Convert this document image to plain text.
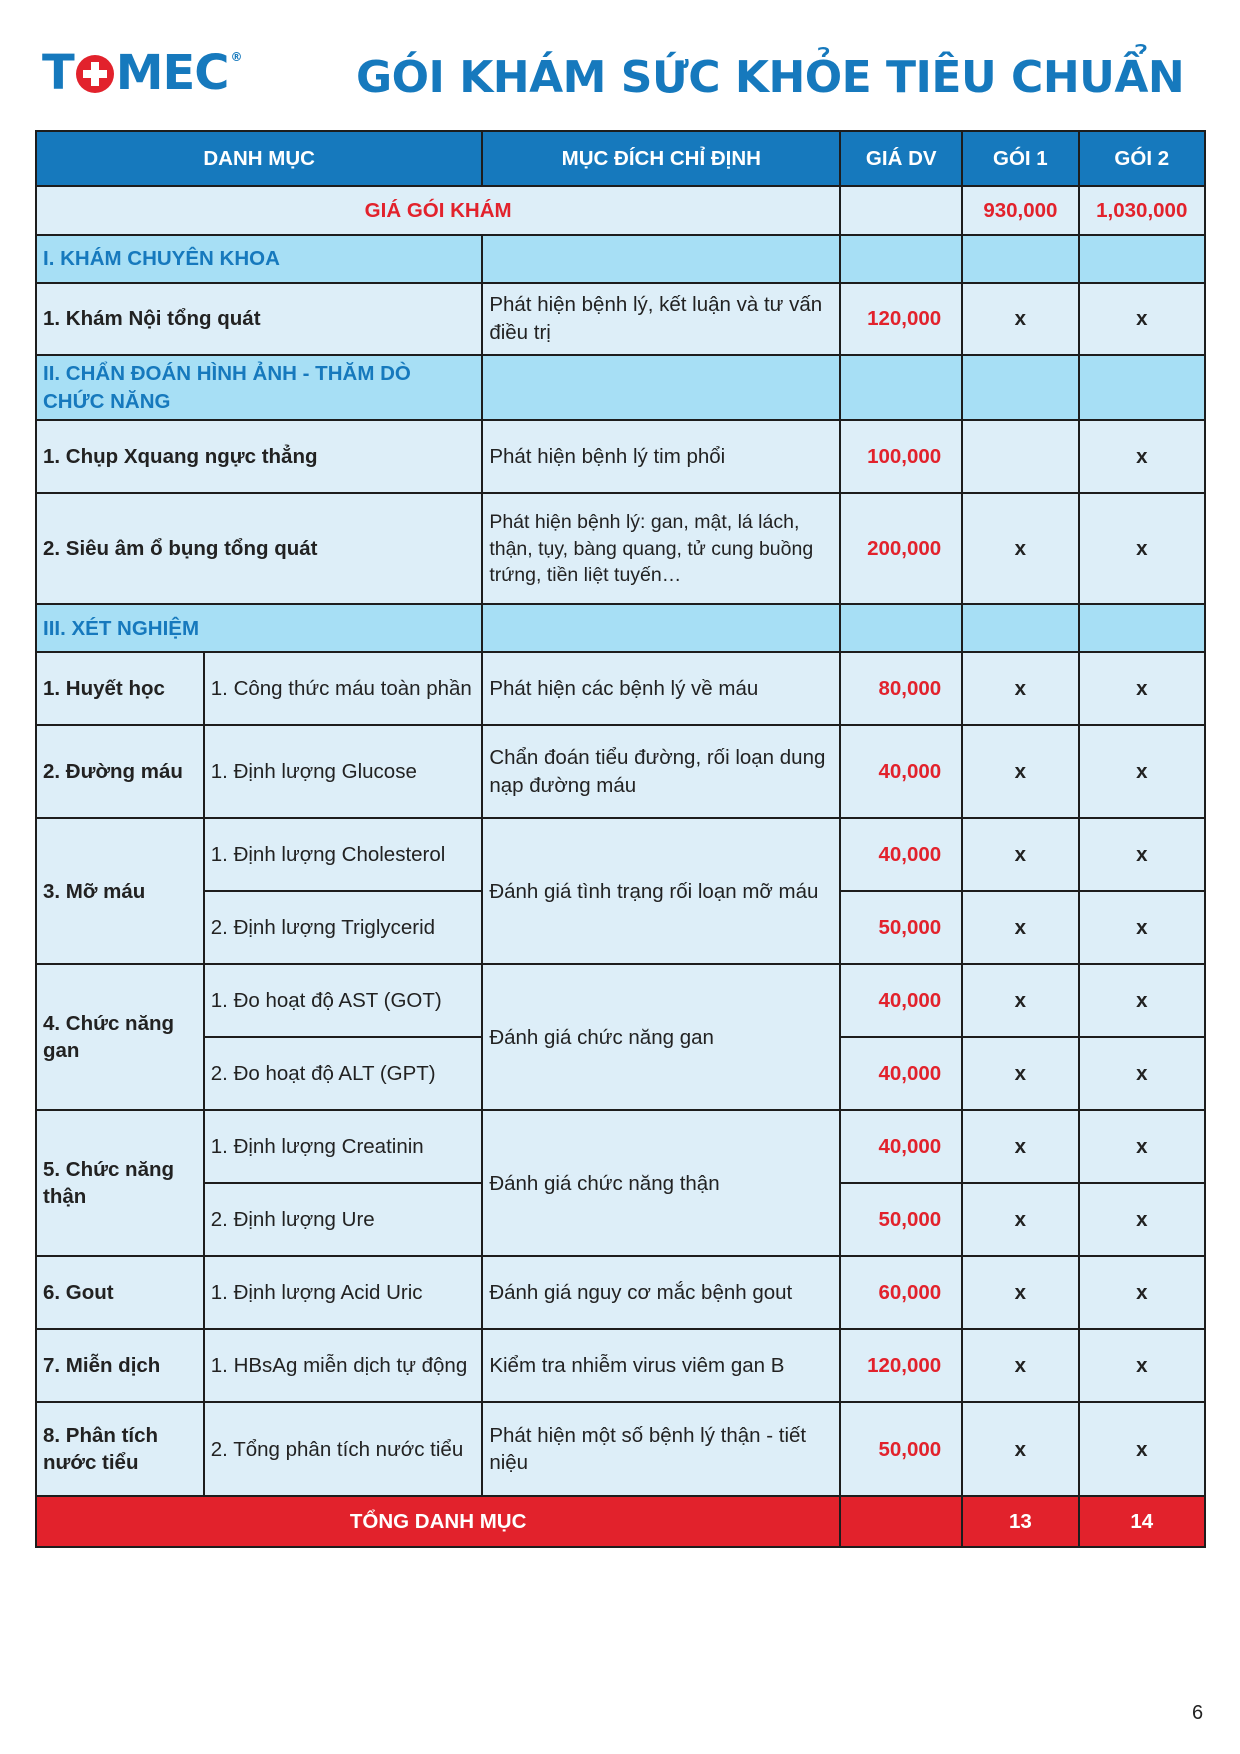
T MEC®	GÓI KHÁM SỨC KHỎE TIÊU CHUẨN
DANH MỤC		MỤC ĐÍCH CHỈ ĐỊNH	GIÁ DV	GÓI 1	GÓI 2
GIÁ GÓI KHÁM				930,000	1,030,000
I. KHÁM CHUYÊN KHOA					
1. Khám Nội tổng quát		Phát hiện bệnh lý, kết luận và tư vấn điều trị	120,000	x	x
II. CHẨN ĐOÁN HÌNH ẢNH - THĂM DÒ CHỨC NĂNG					
1. Chụp Xquang ngực thẳng		Phát hiện bệnh lý tim phổi	100,000		x
2. Siêu âm ổ bụng tổng quát		Phát hiện bệnh lý: gan, mật, lá lách, thận, tụy, bàng quang, tử cung buồng trứng, tiền liệt tuyến…	200,000	x	x
III. XÉT NGHIỆM					
1. Huyết học	1. Công thức máu toàn phần	Phát hiện các bệnh lý về máu	80,000	x	x
2. Đường máu	1. Định lượng Glucose	Chẩn đoán tiểu đường, rối loạn dung nạp đường máu	40,000	x	x
3. Mỡ máu	1. Định lượng Cholesterol	Đánh giá tình trạng rối loạn mỡ máu	40,000	x	x
	2. Định lượng Triglycerid		50,000	x	x
4. Chức năng gan	1. Đo hoạt độ AST (GOT)	Đánh giá chức năng gan	40,000	x	x
	2. Đo hoạt độ ALT (GPT)		40,000	x	x
5. Chức năng thận	1. Định lượng Creatinin	Đánh giá chức năng thận	40,000	x	x
	2. Định lượng Ure		50,000	x	x
6. Gout	1. Định lượng Acid Uric	Đánh giá nguy cơ mắc bệnh gout	60,000	x	x
7. Miễn dịch	1. HBsAg miễn dịch tự động	Kiểm tra nhiễm virus viêm gan B	120,000	x	x
8. Phân tích nước tiểu	2. Tổng phân tích nước tiểu	Phát hiện một số bệnh lý thận - tiết niệu	50,000	x	x
TỔNG DANH MỤC				13	14
6
